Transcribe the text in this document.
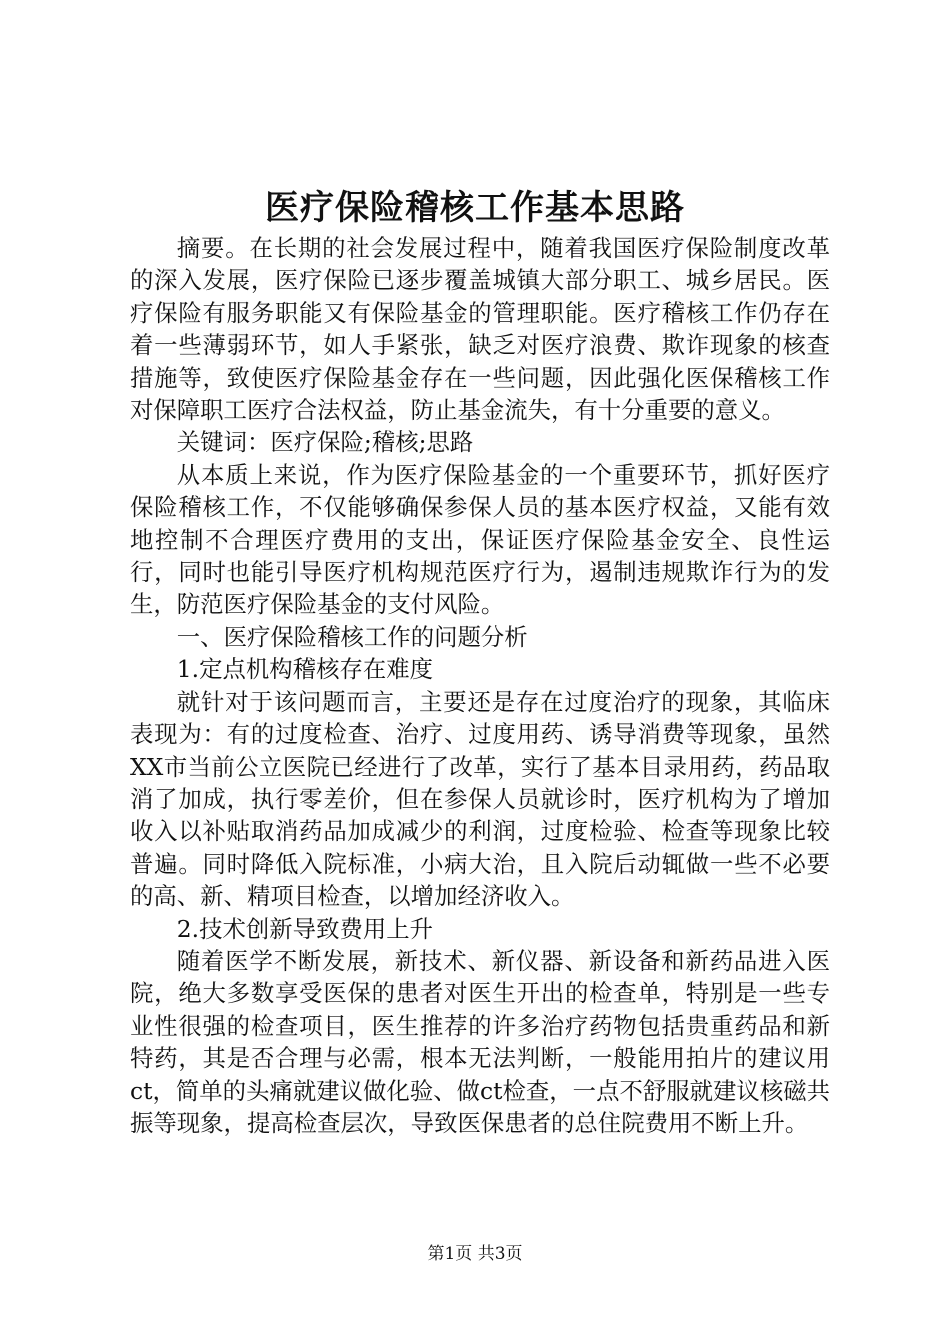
医疗保险稽核工作基本思路

摘要。在长期的社会发展过程中，随着我国医疗保险制度改革的深入发展，医疗保险已逐步覆盖城镇大部分职工、城乡居民。医疗保险有服务职能又有保险基金的管理职能。医疗稽核工作仍存在着一些薄弱环节，如人手紧张，缺乏对医疗浪费、欺诈现象的核查措施等，致使医疗保险基金存在一些问题，因此强化医保稽核工作对保障职工医疗合法权益，防止基金流失，有十分重要的意义。

关键词：医疗保险;稽核;思路

从本质上来说，作为医疗保险基金的一个重要环节，抓好医疗保险稽核工作，不仅能够确保参保人员的基本医疗权益，又能有效地控制不合理医疗费用的支出，保证医疗保险基金安全、良性运行，同时也能引导医疗机构规范医疗行为，遏制违规欺诈行为的发生，防范医疗保险基金的支付风险。

一、医疗保险稽核工作的问题分析

1.定点机构稽核存在难度

就针对于该问题而言，主要还是存在过度治疗的现象，其临床表现为：有的过度检查、治疗、过度用药、诱导消费等现象，虽然XX市当前公立医院已经进行了改革，实行了基本目录用药，药品取消了加成，执行零差价，但在参保人员就诊时，医疗机构为了增加收入以补贴取消药品加成减少的利润，过度检验、检查等现象比较普遍。同时降低入院标准，小病大治，且入院后动辄做一些不必要的高、新、精项目检查，以增加经济收入。

2.技术创新导致费用上升

随着医学不断发展，新技术、新仪器、新设备和新药品进入医院，绝大多数享受医保的患者对医生开出的检查单，特别是一些专业性很强的检查项目，医生推荐的许多治疗药物包括贵重药品和新特药，其是否合理与必需，根本无法判断，一般能用拍片的建议用ct，简单的头痛就建议做化验、做ct检查，一点不舒服就建议核磁共振等现象，提高检查层次，导致医保患者的总住院费用不断上升。

第1页 共3页
